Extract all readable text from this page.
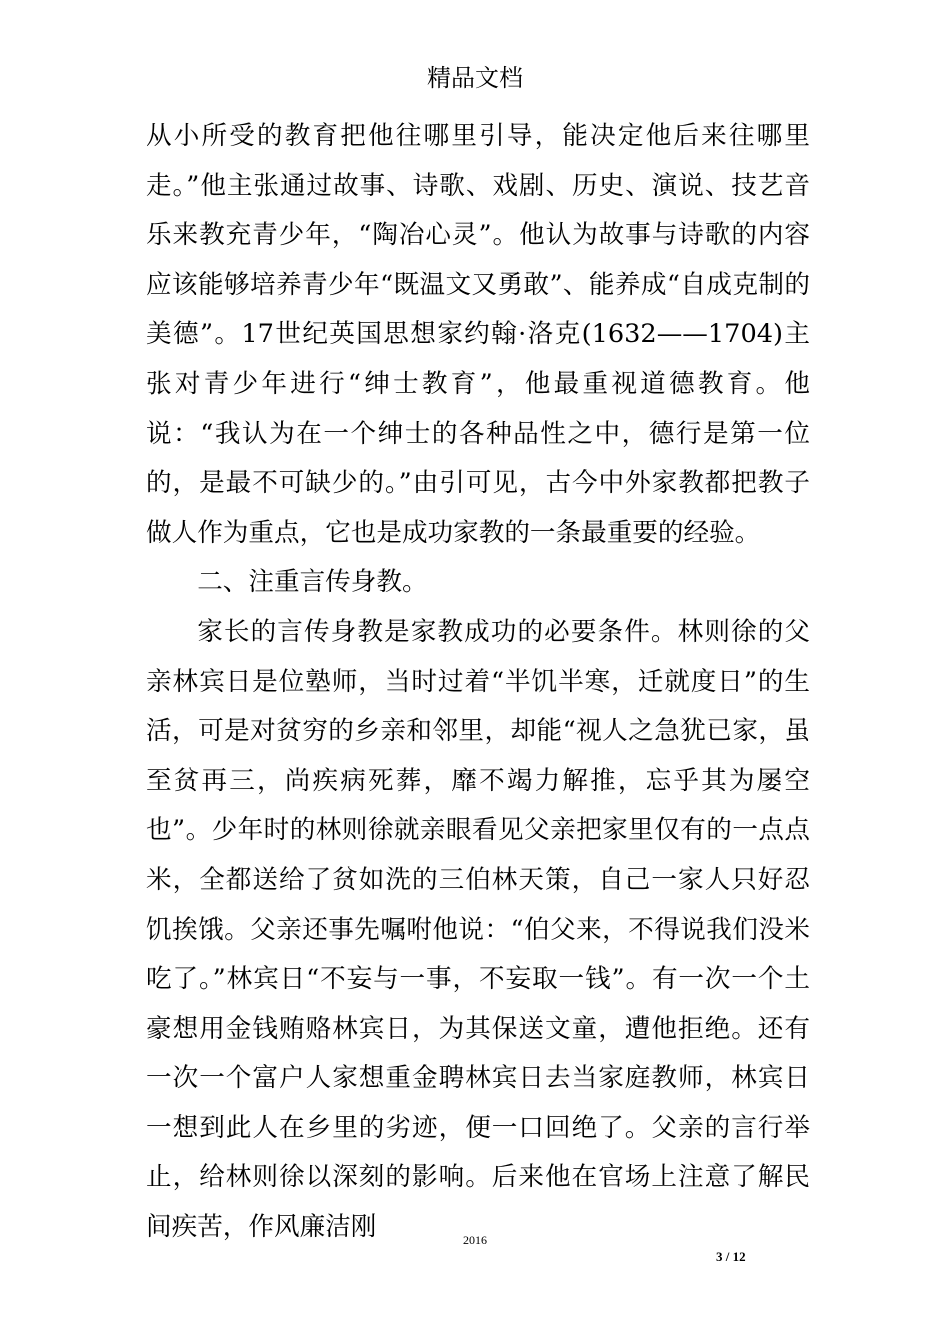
精品文档

从小所受的教育把他往哪里引导，能决定他后来往哪里走。”他主张通过故事、诗歌、戏剧、历史、演说、技艺音乐来教充青少年，“陶冶心灵”。他认为故事与诗歌的内容应该能够培养青少年“既温文又勇敢”、能养成“自成克制的美德”。17世纪英国思想家约翰·洛克(1632——1704)主张对青少年进行“绅士教育”，他最重视道德教育。他说：“我认为在一个绅士的各种品性之中，德行是第一位的，是最不可缺少的。”由引可见，古今中外家教都把教子做人作为重点，它也是成功家教的一条最重要的经验。

二、注重言传身教。

家长的言传身教是家教成功的必要条件。林则徐的父亲林宾日是位塾师，当时过着“半饥半寒，迁就度日”的生活，可是对贫穷的乡亲和邻里，却能“视人之急犹已家，虽至贫再三，尚疾病死葬，靡不竭力解推，忘乎其为屡空也”。少年时的林则徐就亲眼看见父亲把家里仅有的一点点米，全都送给了贫如洗的三伯林天策，自己一家人只好忍饥挨饿。父亲还事先嘱咐他说：“伯父来，不得说我们没米吃了。”林宾日“不妄与一事，不妄取一钱”。有一次一个土豪想用金钱贿赂林宾日，为其保送文童，遭他拒绝。还有一次一个富户人家想重金聘林宾日去当家庭教师，林宾日一想到此人在乡里的劣迹，便一口回绝了。父亲的言行举止，给林则徐以深刻的影响。后来他在官场上注意了解民间疾苦，作风廉洁刚	2016
3 / 12
